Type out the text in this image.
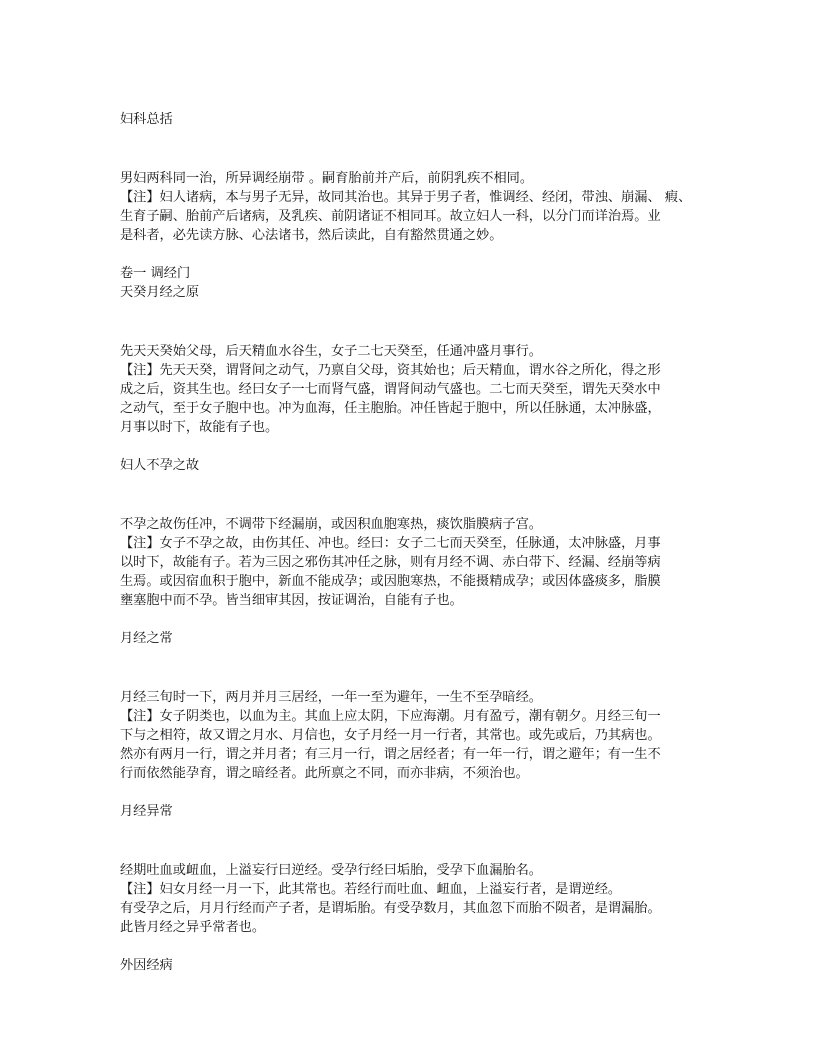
妇科总括

男妇两科同一治，所异调经崩带 。嗣育胎前并产后，前阴乳疾不相同。

【注】妇人诸病，本与男子无异，故同其治也。其异于男子者，惟调经、经闭，带浊、崩漏、 瘕、

生育子嗣、胎前产后诸病，及乳疾、前阴诸证不相同耳。故立妇人一科，以分门而详治焉。业

是科者，必先读方脉、心法诸书，然后读此，自有豁然贯通之妙。

卷一 调经门

天癸月经之原

先天天癸始父母，后天精血水谷生，女子二七天癸至，任通冲盛月事行。

【注】先天天癸，谓肾间之动气，乃禀自父母，资其始也；后天精血，谓水谷之所化，得之形

成之后，资其生也。经曰女子一七而肾气盛，谓肾间动气盛也。二七而天癸至，谓先天癸水中

之动气，至于女子胞中也。冲为血海，任主胞胎。冲任皆起于胞中，所以任脉通，太冲脉盛，

月事以时下，故能有子也。

妇人不孕之故

不孕之故伤任冲，不调带下经漏崩，或因积血胞寒热，痰饮脂膜病子宫。

【注】女子不孕之故，由伤其任、冲也。经曰：女子二七而天癸至，任脉通，太冲脉盛，月事

以时下，故能有子。若为三因之邪伤其冲任之脉，则有月经不调、赤白带下、经漏、经崩等病

生焉。或因宿血积于胞中，新血不能成孕；或因胞寒热，不能摄精成孕；或因体盛痰多，脂膜

壅塞胞中而不孕。皆当细审其因，按证调治，自能有子也。

月经之常

月经三旬时一下，两月并月三居经，一年一至为避年，一生不至孕暗经。

【注】女子阴类也，以血为主。其血上应太阴，下应海潮。月有盈亏，潮有朝夕。月经三旬一

下与之相符，故又谓之月水、月信也，女子月经一月一行者，其常也。或先或后，乃其病也。

然亦有两月一行，谓之并月者；有三月一行，谓之居经者；有一年一行，谓之避年；有一生不

行而依然能孕育，谓之暗经者。此所禀之不同，而亦非病，不须治也。

月经异常

经期吐血或衄血，上溢妄行曰逆经。受孕行经曰垢胎，受孕下血漏胎名。

【注】妇女月经一月一下，此其常也。若经行而吐血、衄血，上溢妄行者，是谓逆经。

有受孕之后，月月行经而产子者，是谓垢胎。有受孕数月，其血忽下而胎不陨者，是谓漏胎。

此皆月经之异乎常者也。

外因经病
